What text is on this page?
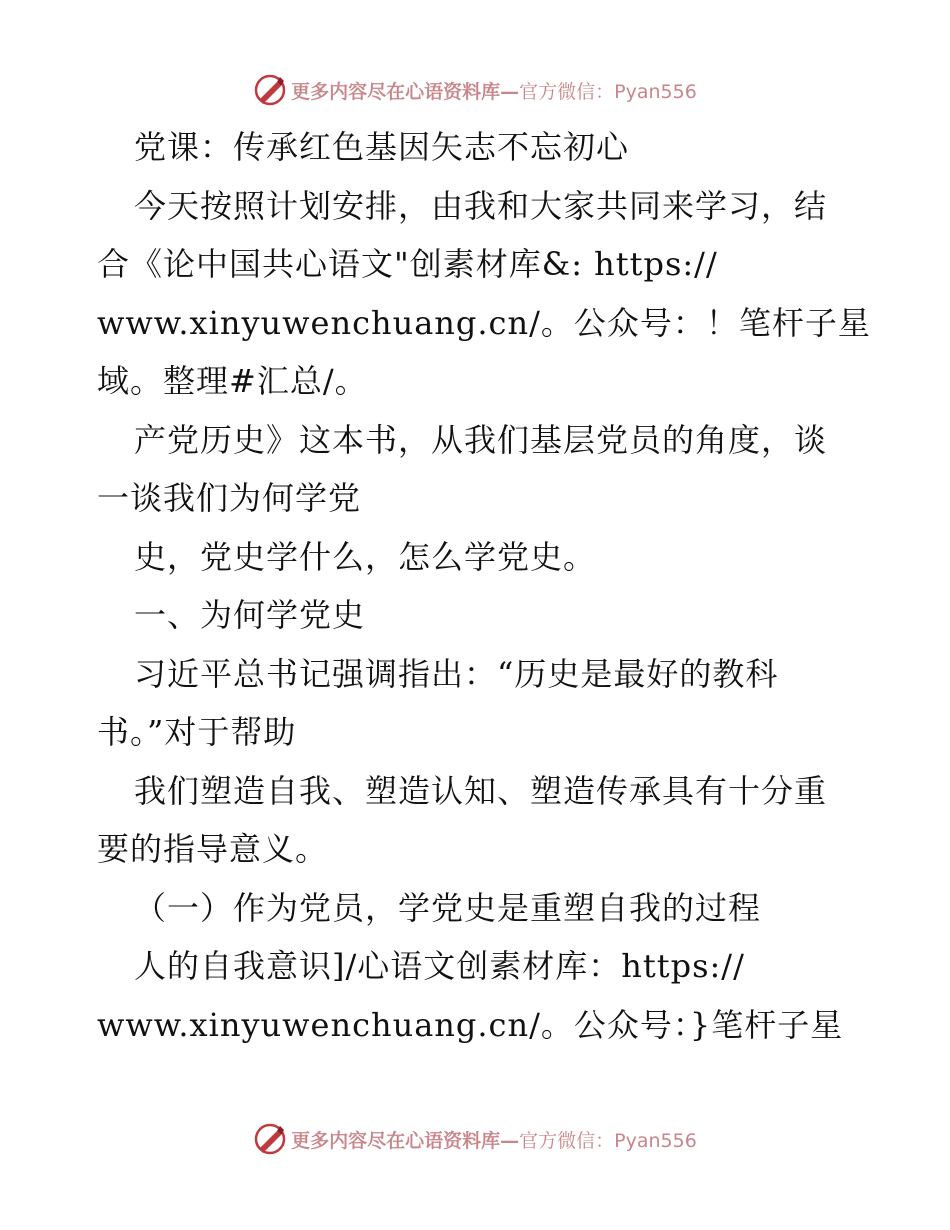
更多内容尽在心语资料库— 官方微信：Pyan556
党课：传承红色基因矢志不忘初心
今天按照计划安排，由我和大家共同来学习，结
合《论中国共心语文"创素材库&: https://
www.xinyuwenchuang.cn/。公众号：！笔杆子星
域。整理#汇总/。
产党历史》这本书，从我们基层党员的角度，谈
一谈我们为何学党
史，党史学什么，怎么学党史。
一、为何学党史
习近平总书记强调指出：“历史是最好的教科
书。”对于帮助
我们塑造自我、塑造认知、塑造传承具有十分重
要的指导意义。
（一）作为党员，学党史是重塑自我的过程
人的自我意识]/心语文创素材库：https://
www.xinyuwenchuang.cn/。公众号：}笔杆子星
更多内容尽在心语资料库— 官方微信：Pyan556
